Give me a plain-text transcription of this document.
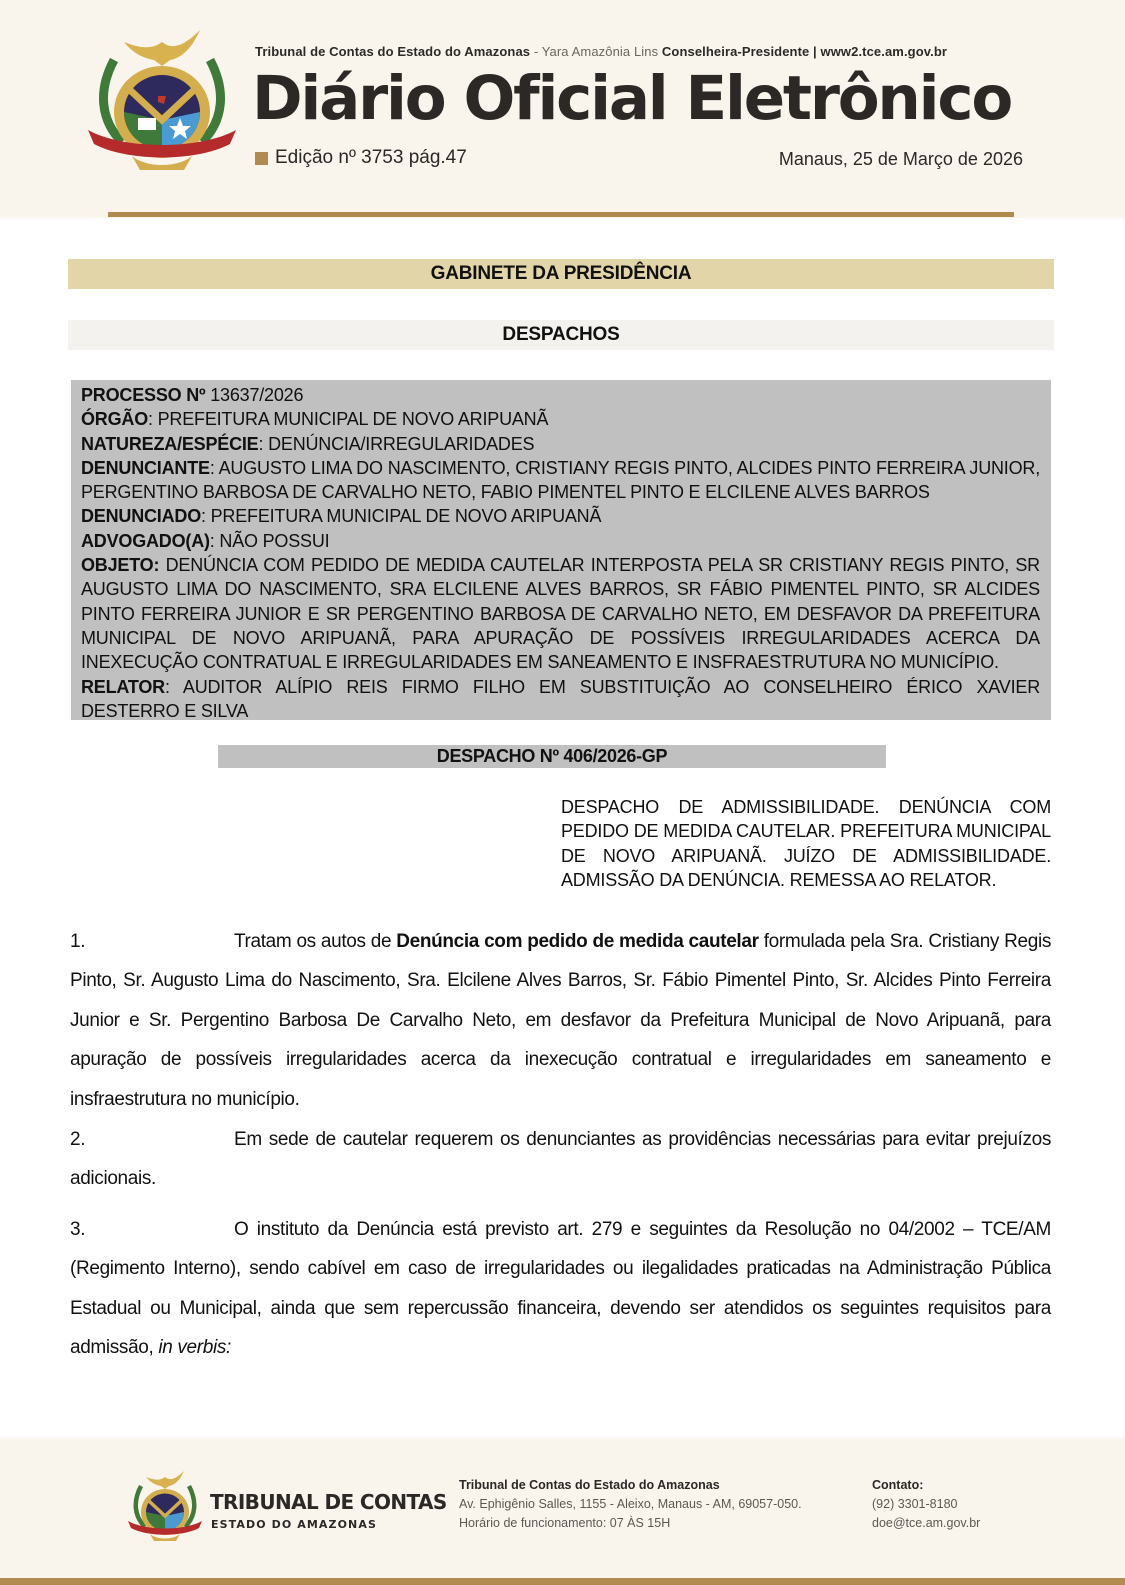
Tribunal de Contas do Estado do Amazonas - Yara Amazônia Lins Conselheira-Presidente | www2.tce.am.gov.br
Diário Oficial Eletrônico
Edição nº 3753 pág.47	Manaus, 25 de Março de 2026
GABINETE DA PRESIDÊNCIA
DESPACHOS
PROCESSO Nº 13637/2026
ÓRGÃO: PREFEITURA MUNICIPAL DE NOVO ARIPUANÃ
NATUREZA/ESPÉCIE: DENÚNCIA/IRREGULARIDADES
DENUNCIANTE: AUGUSTO LIMA DO NASCIMENTO, CRISTIANY REGIS PINTO, ALCIDES PINTO FERREIRA JUNIOR, PERGENTINO BARBOSA DE CARVALHO NETO, FABIO PIMENTEL PINTO E ELCILENE ALVES BARROS
DENUNCIADO: PREFEITURA MUNICIPAL DE NOVO ARIPUANÃ
ADVOGADO(A): NÃO POSSUI
OBJETO: DENÚNCIA COM PEDIDO DE MEDIDA CAUTELAR INTERPOSTA PELA SR CRISTIANY REGIS PINTO, SR AUGUSTO LIMA DO NASCIMENTO, SRA ELCILENE ALVES BARROS, SR FÁBIO PIMENTEL PINTO, SR ALCIDES PINTO FERREIRA JUNIOR E SR PERGENTINO BARBOSA DE CARVALHO NETO, EM DESFAVOR DA PREFEITURA MUNICIPAL DE NOVO ARIPUANÃ, PARA APURAÇÃO DE POSSÍVEIS IRREGULARIDADES ACERCA DA INEXECUÇÃO CONTRATUAL E IRREGULARIDADES EM SANEAMENTO E INSFRAESTRUTURA NO MUNICÍPIO.
RELATOR: AUDITOR ALÍPIO REIS FIRMO FILHO EM SUBSTITUIÇÃO AO CONSELHEIRO ÉRICO XAVIER DESTERRO E SILVA
DESPACHO Nº 406/2026-GP
DESPACHO DE ADMISSIBILIDADE. DENÚNCIA COM PEDIDO DE MEDIDA CAUTELAR. PREFEITURA MUNICIPAL DE NOVO ARIPUANÃ. JUÍZO DE ADMISSIBILIDADE. ADMISSÃO DA DENÚNCIA. REMESSA AO RELATOR.
1.	Tratam os autos de Denúncia com pedido de medida cautelar formulada pela Sra. Cristiany Regis Pinto, Sr. Augusto Lima do Nascimento, Sra. Elcilene Alves Barros, Sr. Fábio Pimentel Pinto, Sr. Alcides Pinto Ferreira Junior e Sr. Pergentino Barbosa De Carvalho Neto, em desfavor da Prefeitura Municipal de Novo Aripuanã, para apuração de possíveis irregularidades acerca da inexecução contratual e irregularidades em saneamento e insfraestrutura no município.
2.	Em sede de cautelar requerem os denunciantes as providências necessárias para evitar prejuízos adicionais.
3.	O instituto da Denúncia está previsto art. 279 e seguintes da Resolução no 04/2002 – TCE/AM (Regimento Interno), sendo cabível em caso de irregularidades ou ilegalidades praticadas na Administração Pública Estadual ou Municipal, ainda que sem repercussão financeira, devendo ser atendidos os seguintes requisitos para admissão, in verbis:
TRIBUNAL DE CONTAS
ESTADO DO AMAZONAS
Tribunal de Contas do Estado do Amazonas
Av. Ephigênio Salles, 1155 - Aleixo, Manaus - AM, 69057-050.
Horário de funcionamento: 07 ÀS 15H
Contato:
(92) 3301-8180
doe@tce.am.gov.br
